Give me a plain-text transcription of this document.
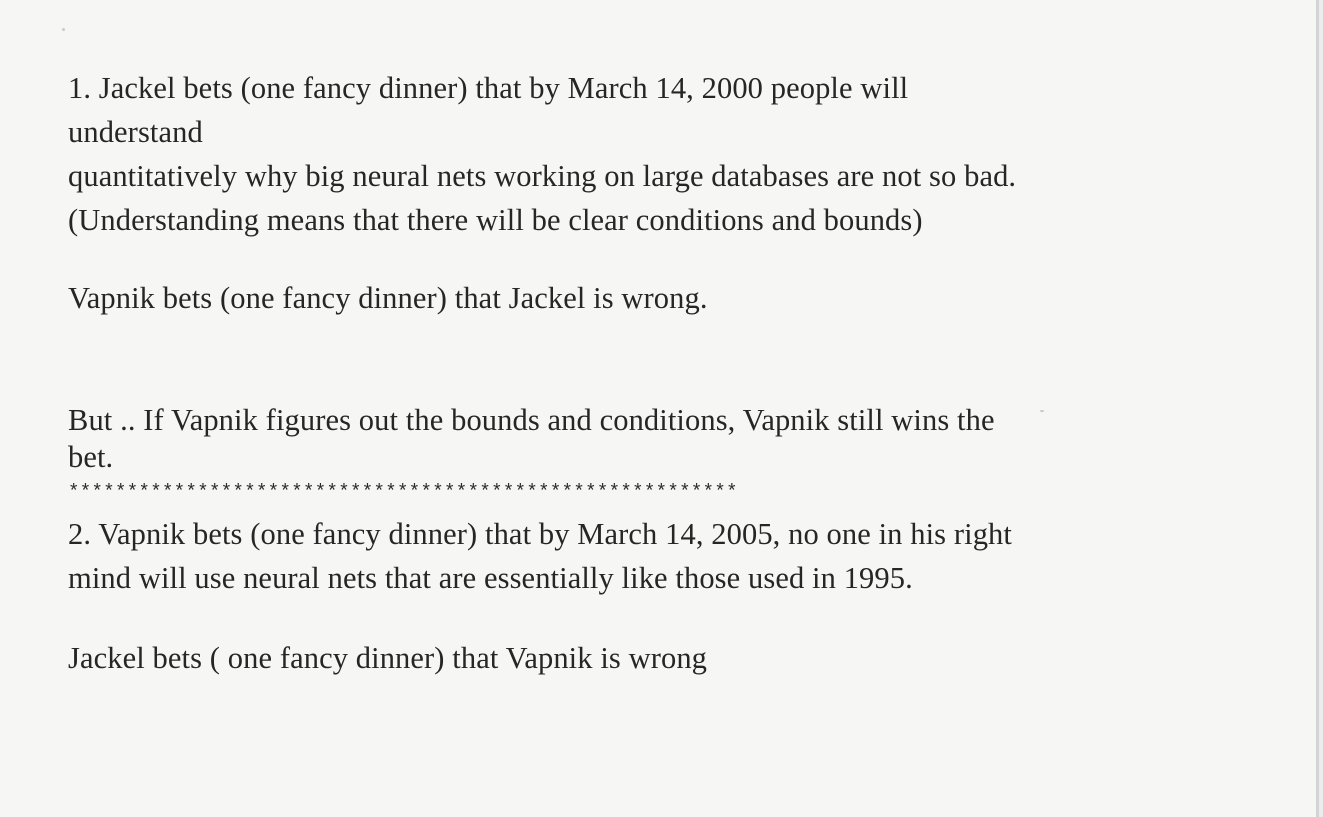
1. Jackel bets (one fancy dinner) that by March 14, 2000 people will
understand
quantitatively why big neural nets working on large databases are not so bad.
(Understanding means that there will be clear conditions and bounds)
Vapnik bets (one fancy dinner) that Jackel is wrong.
But .. If Vapnik figures out the bounds and conditions, Vapnik still wins the
bet.
*********************************************************
2. Vapnik bets (one fancy dinner) that by March 14, 2005, no one in his right
mind will use neural nets that are essentially like those used in 1995.
Jackel bets ( one fancy dinner) that Vapnik is wrong
